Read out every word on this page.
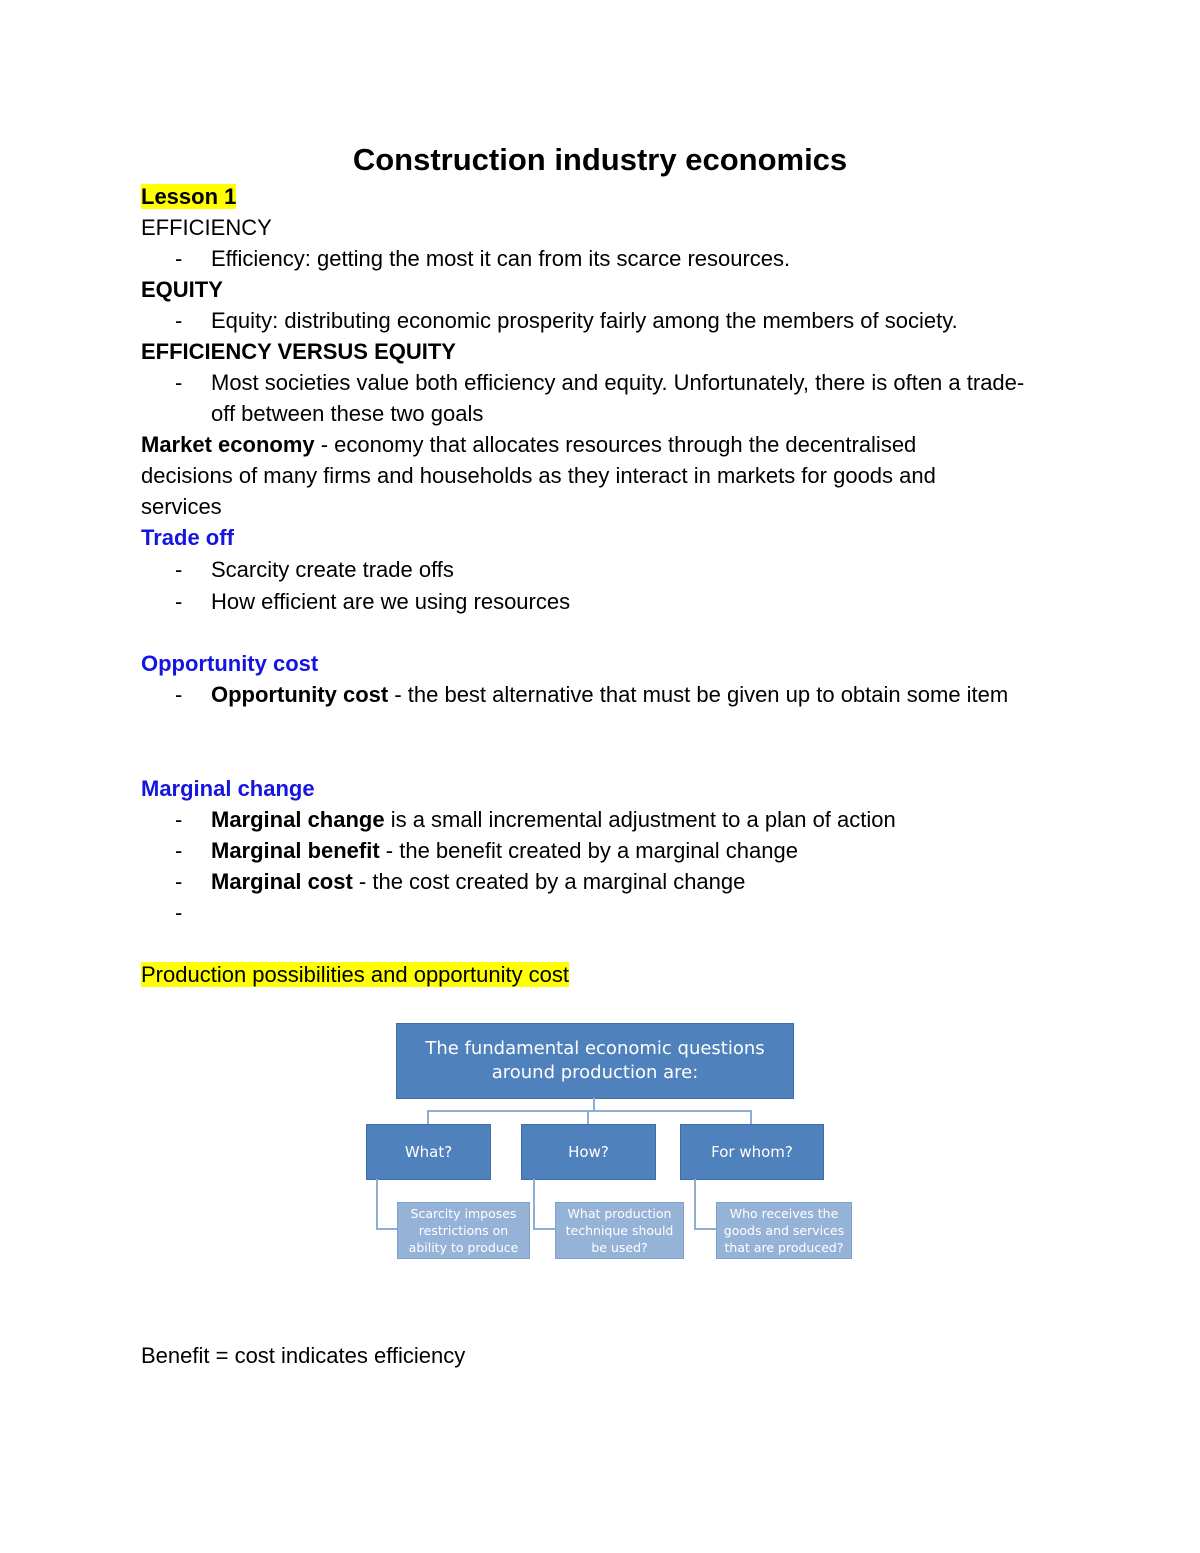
Construction industry economics
Lesson 1
EFFICIENCY
- Efficiency: getting the most it can from its scarce resources.
EQUITY
- Equity: distributing economic prosperity fairly among the members of society.
EFFICIENCY VERSUS EQUITY
- Most societies value both efficiency and equity. Unfortunately, there is often a trade-off between these two goals
Market economy - economy that allocates resources through the decentralised decisions of many firms and households as they interact in markets for goods and services
Trade off
- Scarcity create trade offs
- How efficient are we using resources
Opportunity cost
- Opportunity cost - the best alternative that must be given up to obtain some item
Marginal change
- Marginal change is a small incremental adjustment to a plan of action
- Marginal benefit - the benefit created by a marginal change
- Marginal cost - the cost created by a marginal change
-
Production possibilities and opportunity cost
Benefit = cost indicates efficiency
The fundamental economic questions around production are:
What?	How?	For whom?
Scarcity imposes restrictions on ability to produce
What production technique should be used?
Who receives the goods and services that are produced?
